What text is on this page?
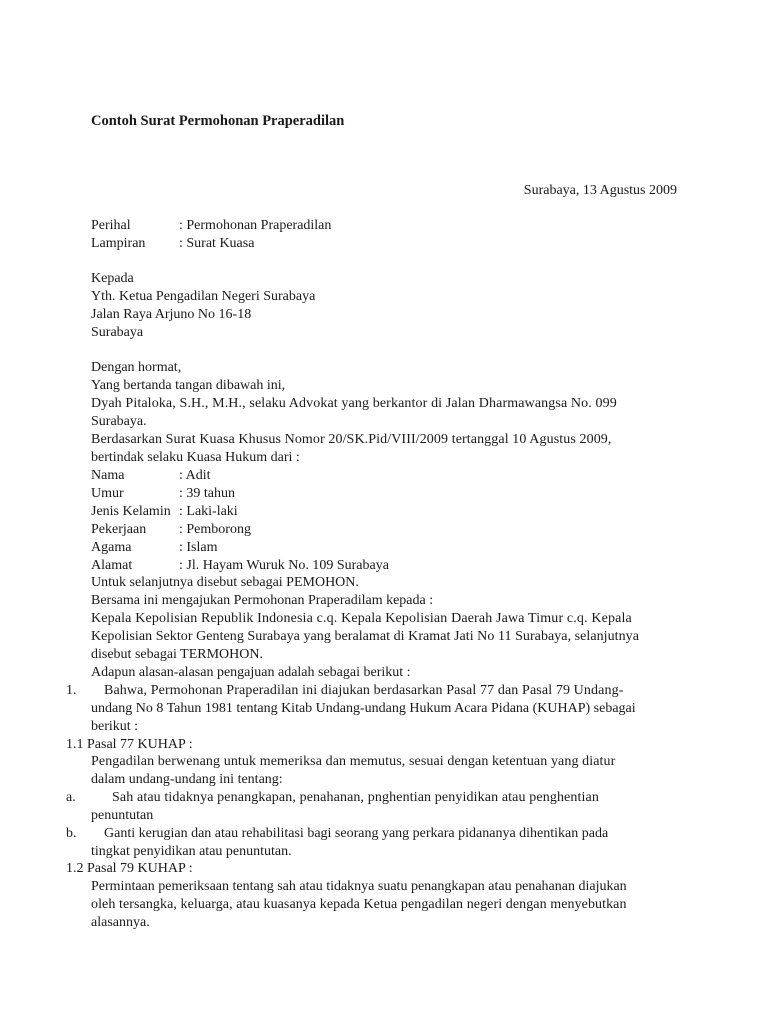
Contoh Surat Permohonan Praperadilan
Surabaya, 13 Agustus 2009
Perihal	: Permohonan Praperadilan
Lampiran : Surat Kuasa
Kepada
Yth. Ketua Pengadilan Negeri Surabaya
Jalan Raya Arjuno No 16-18
Surabaya
Dengan hormat,
Yang bertanda tangan dibawah ini,
Dyah Pitaloka, S.H., M.H., selaku Advokat yang berkantor di Jalan Dharmawangsa No. 099
Surabaya.
Berdasarkan Surat Kuasa Khusus Nomor 20/SK.Pid/VIII/2009 tertanggal 10 Agustus 2009,
bertindak selaku Kuasa Hukum dari :
Nama	: Adit
Umur	: 39 tahun
Jenis Kelamin : Laki-laki
Pekerjaan : Pemborong
Agama	: Islam
Alamat	: Jl. Hayam Wuruk No. 109 Surabaya
Untuk selanjutnya disebut sebagai PEMOHON.
Bersama ini mengajukan Permohonan Praperadilam kepada :
Kepala Kepolisian Republik Indonesia c.q. Kepala Kepolisian Daerah Jawa Timur c.q. Kepala
Kepolisian Sektor Genteng Surabaya yang beralamat di Kramat Jati No 11 Surabaya, selanjutnya
disebut sebagai TERMOHON.
Adapun alasan-alasan pengajuan adalah sebagai berikut :
1. Bahwa, Permohonan Praperadilan ini diajukan berdasarkan Pasal 77 dan Pasal 79 Undang-
undang No 8 Tahun 1981 tentang Kitab Undang-undang Hukum Acara Pidana (KUHAP) sebagai
berikut :
1.1 Pasal 77 KUHAP :
Pengadilan berwenang untuk memeriksa dan memutus, sesuai dengan ketentuan yang diatur
dalam undang-undang ini tentang:
a.	Sah atau tidaknya penangkapan, penahanan, pnghentian penyidikan atau penghentian
penuntutan
b. Ganti kerugian dan atau rehabilitasi bagi seorang yang perkara pidananya dihentikan pada
tingkat penyidikan atau penuntutan.
1.2 Pasal 79 KUHAP :
Permintaan pemeriksaan tentang sah atau tidaknya suatu penangkapan atau penahanan diajukan
oleh tersangka, keluarga, atau kuasanya kepada Ketua pengadilan negeri dengan menyebutkan
alasannya.
